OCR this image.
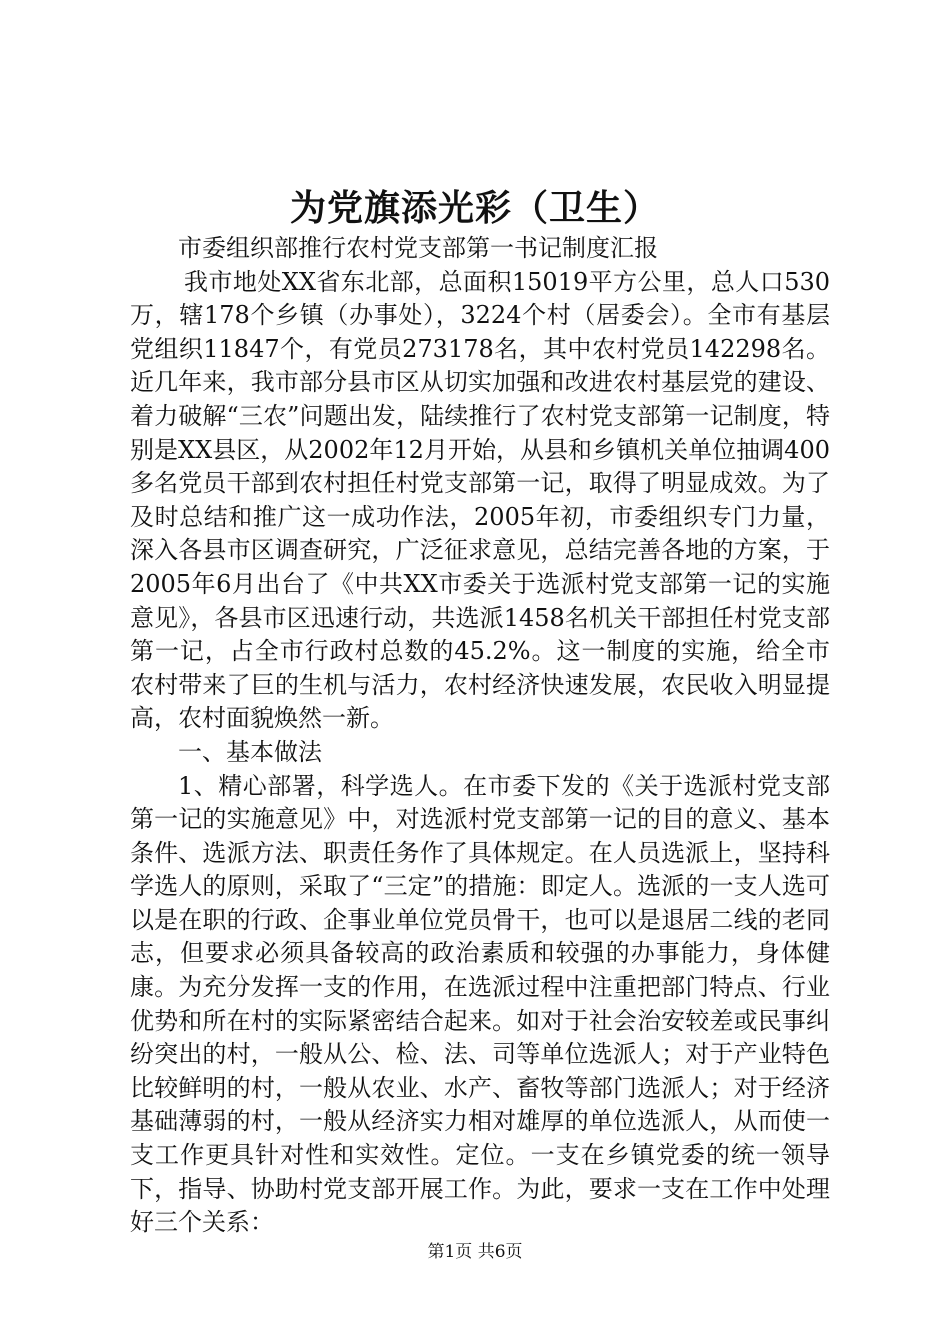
为党旗添光彩（卫生）

市委组织部推行农村党支部第一书记制度汇报

我市地处XX省东北部，总面积15019平方公里，总人口530万，辖178个乡镇（办事处），3224个村（居委会）。全市有基层党组织11847个，有党员273178名，其中农村党员142298名。近几年来，我市部分县市区从切实加强和改进农村基层党的建设、着力破解“三农”问题出发，陆续推行了农村党支部第一记制度，特别是XX县区，从2002年12月开始，从县和乡镇机关单位抽调400多名党员干部到农村担任村党支部第一记，取得了明显成效。为了及时总结和推广这一成功作法，2005年初，市委组织专门力量，深入各县市区调查研究，广泛征求意见，总结完善各地的方案，于2005年6月出台了《中共XX市委关于选派村党支部第一记的实施意见》，各县市区迅速行动，共选派1458名机关干部担任村党支部第一记，占全市行政村总数的45.2%。这一制度的实施，给全市农村带来了巨的生机与活力，农村经济快速发展，农民收入明显提高，农村面貌焕然一新。

一、基本做法

1、精心部署，科学选人。在市委下发的《关于选派村党支部第一记的实施意见》中，对选派村党支部第一记的目的意义、基本条件、选派方法、职责任务作了具体规定。在人员选派上，坚持科学选人的原则，采取了“三定”的措施：即定人。选派的一支人选可以是在职的行政、企事业单位党员骨干，也可以是退居二线的老同志，但要求必须具备较高的政治素质和较强的办事能力，身体健康。为充分发挥一支的作用，在选派过程中注重把部门特点、行业优势和所在村的实际紧密结合起来。如对于社会治安较差或民事纠纷突出的村，一般从公、检、法、司等单位选派人；对于产业特色比较鲜明的村，一般从农业、水产、畜牧等部门选派人；对于经济基础薄弱的村，一般从经济实力相对雄厚的单位选派人，从而使一支工作更具针对性和实效性。定位。一支在乡镇党委的统一领导下，指导、协助村党支部开展工作。为此，要求一支在工作中处理好三个关系：

第1页 共6页
